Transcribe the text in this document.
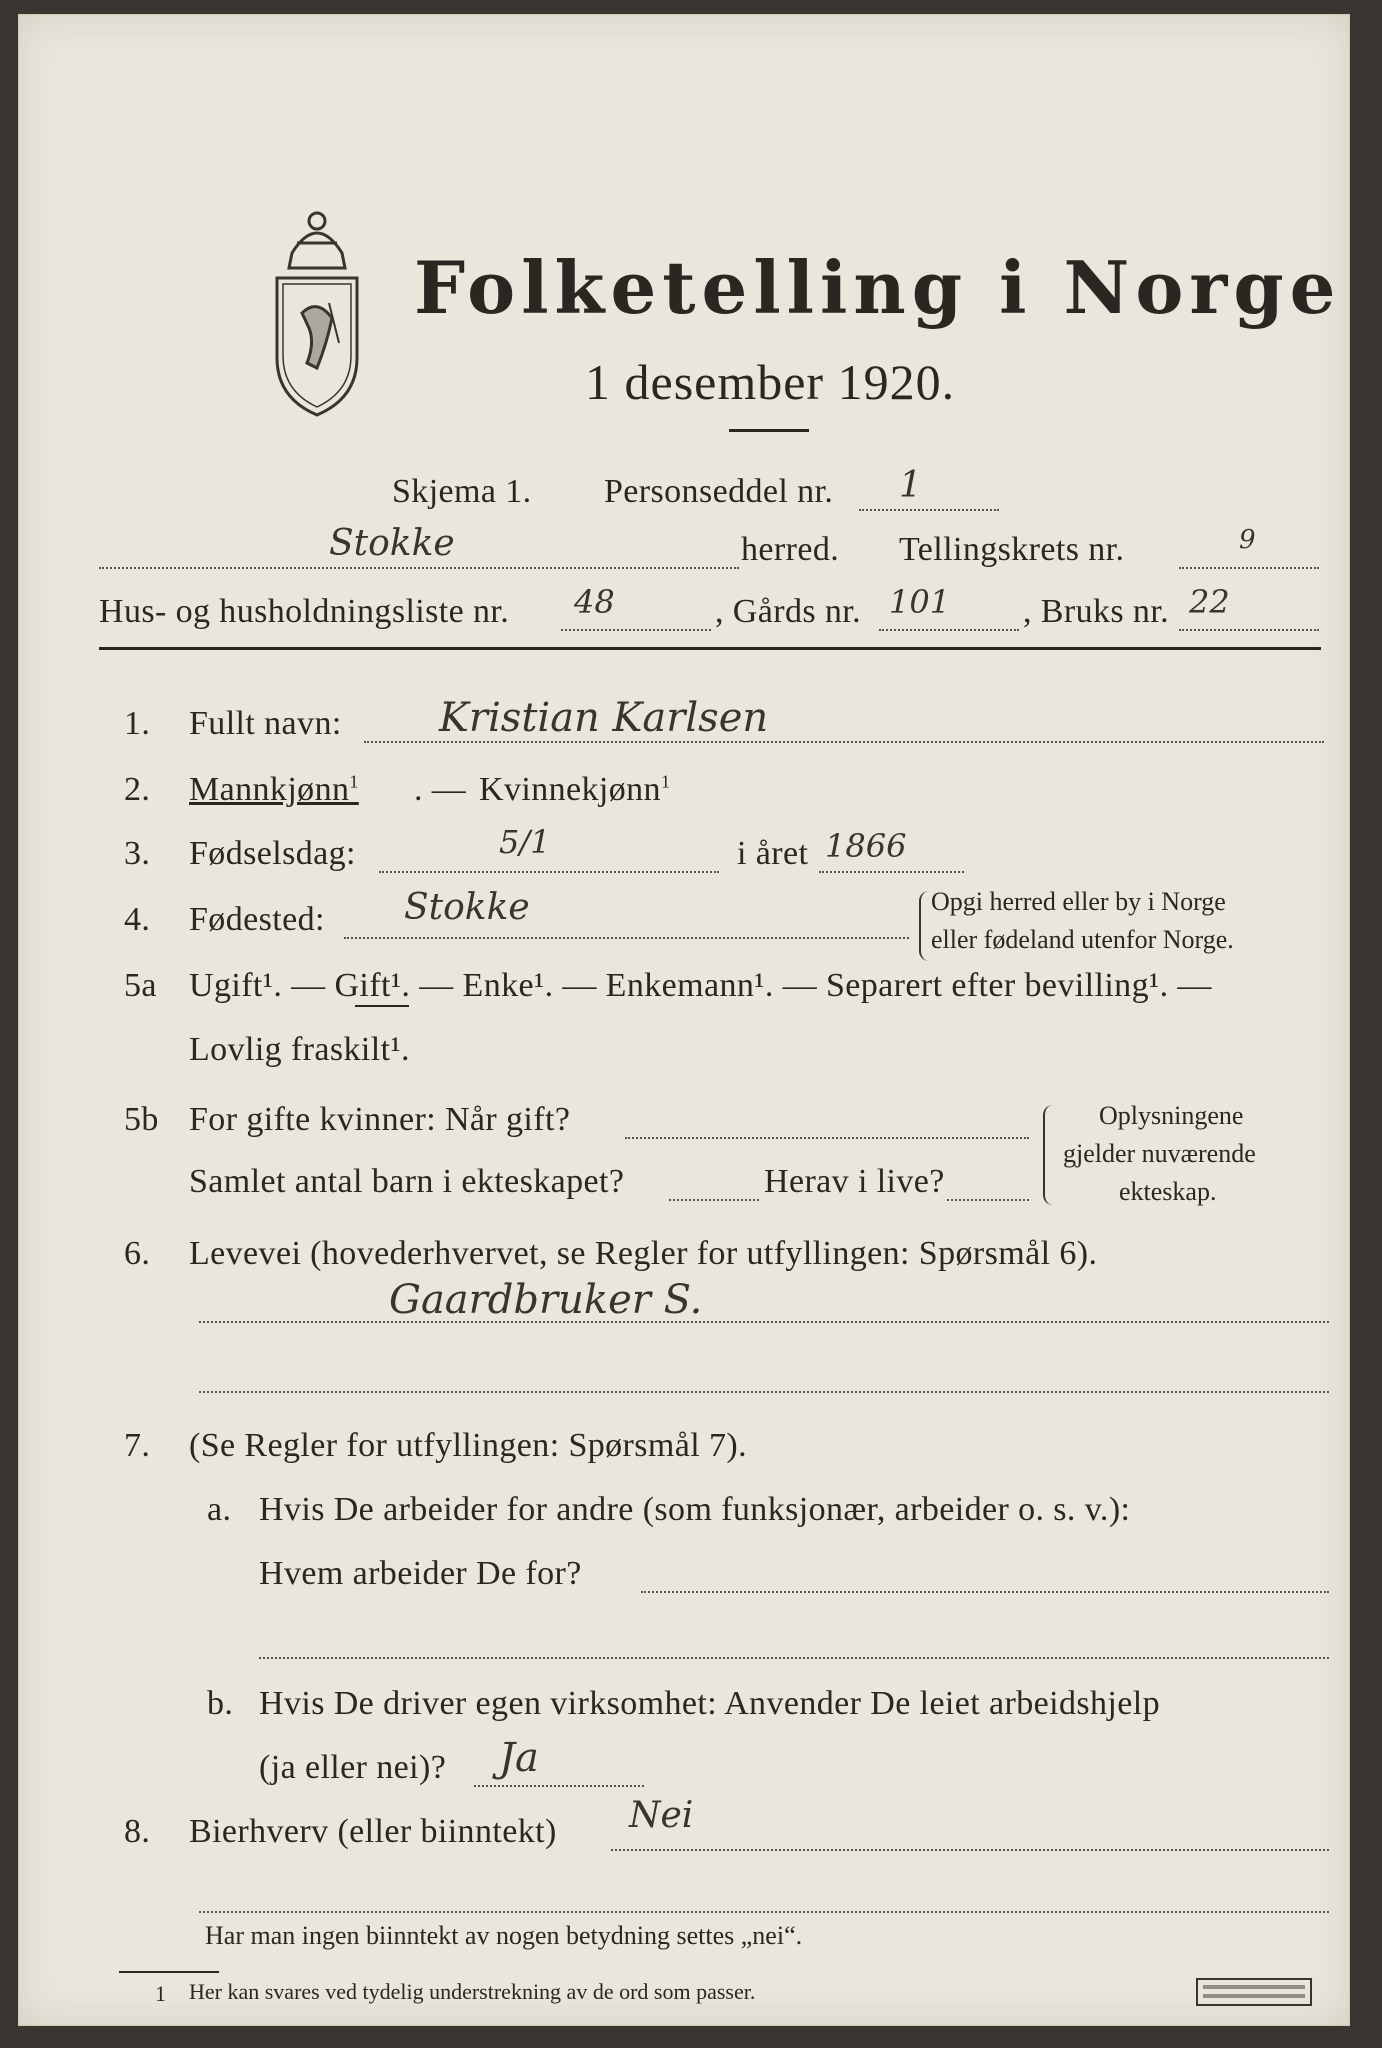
Folketelling i Norge
1 desember 1920.
Skjema 1. Personseddel nr. 1
Stokke	herred. Tellingskrets nr.	9
Hus- og husholdningsliste nr. 48	, Gårds nr. 101 , Bruks nr. 22
1. Fullt navn: Kristian Karlsen
2. Mannkjønn$^1$ . — Kvinnekjønn$^1$
3. Fødselsdag:	5/1	i året 1866
4. Fødested: Stokke	Opgi herred eller by i Norge
eller fødeland utenfor Norge.
5a Ugift¹. — Gift¹. — Enke¹. — Enkemann¹. — Separert efter bevilling¹. —
Lovlig fraskilt¹.
5b For gifte kvinner: Når gift?
Samlet antal barn i ekteskapet?	Herav i live?
Oplysningene
gjelder nuværende
ekteskap.
6. Levevei (hovederhvervet, se Regler for utfyllingen: Spørsmål 6).
Gaardbruker S.
7. (Se Regler for utfyllingen: Spørsmål 7).
a. Hvis De arbeider for andre (som funksjonær, arbeider o. s. v.):
Hvem arbeider De for?
b. Hvis De driver egen virksomhet: Anvender De leiet arbeidshjelp
(ja eller nei)? Ja
8. Bierhverv (eller biinntekt) Nei
Har man ingen biinntekt av nogen betydning settes „nei“.
1 Her kan svares ved tydelig understrekning av de ord som passer.
